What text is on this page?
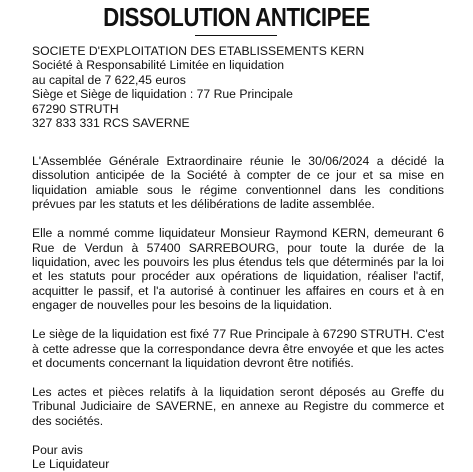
DISSOLUTION ANTICIPEE
SOCIETE D'EXPLOITATION DES ETABLISSEMENTS KERN
Société à Responsabilité Limitée en liquidation
au capital de 7 622,45 euros
Siège et Siège de liquidation : 77 Rue Principale
67290 STRUTH
327 833 331 RCS SAVERNE

L'Assemblée Générale Extraordinaire réunie le 30/06/2024 a décidé la dissolution anticipée de la Société à compter de ce jour et sa mise en liquidation amiable sous le régime conventionnel dans les conditions prévues par les statuts et les délibérations de ladite assemblée.

Elle a nommé comme liquidateur Monsieur Raymond KERN, demeurant 6 Rue de Verdun à 57400 SARREBOURG, pour toute la durée de la liquidation, avec les pouvoirs les plus étendus tels que déterminés par la loi et les statuts pour procéder aux opérations de liquidation, réaliser l'actif, acquitter le passif, et l'a autorisé à continuer les affaires en cours et à en engager de nouvelles pour les besoins de la liquidation.

Le siège de la liquidation est fixé 77 Rue Principale à 67290 STRUTH. C'est à cette adresse que la correspondance devra être envoyée et que les actes et documents concernant la liquidation devront être notifiés.

Les actes et pièces relatifs à la liquidation seront déposés au Greffe du Tribunal Judiciaire de SAVERNE, en annexe au Registre du commerce et des sociétés.

Pour avis
Le Liquidateur
